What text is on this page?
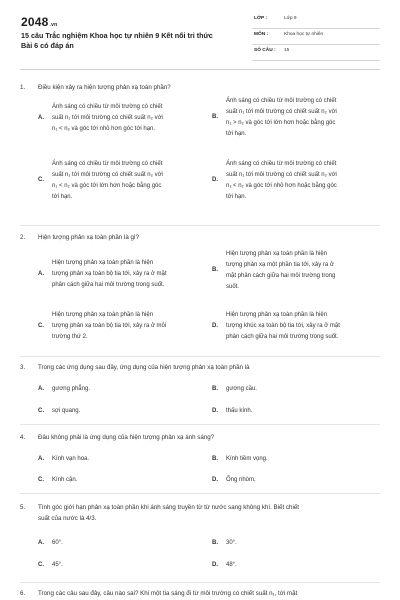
2048.vn
15 câu Trắc nghiệm Khoa học tự nhiên 9 Kết nối tri thức
Bài 6 có đáp án
LỚP :	Lớp 9
MÔN :	Khoa học tự nhiên
SỐ CÂU : 15
1. Điều kiện xảy ra hiện tượng phản xạ toàn phần?
A.
Ánh sáng có chiều từ môi trường có chiết
suất n₁ tới môi trường có chiết suất n₂ với
n₁ < n₂ và góc tới nhỏ hơn góc tới hạn.
B.
Ánh sáng có chiều từ môi trường có chiết
suất n₁ tới môi trường có chiết suất n₂ với
n₁ > n₂ và góc tới lớn hơn hoặc bằng góc
tới hạn.
C.
Ánh sáng có chiều từ môi trường có chiết
suất n₁ tới môi trường có chiết suất n₂ với
n₁ < n₂ và góc tới lớn hơn hoặc bằng góc
tới hạn.
D.
Ánh sáng có chiều từ môi trường có chiết
suất n₁ tới môi trường có chiết suất n₂ với
n₁ < n₂ và góc tới nhỏ hơn hoặc bằng góc
tới hạn.
2. Hiện tượng phản xạ toàn phần là gì?
A.
Hiện tượng phản xạ toàn phần là hiện
tượng phản xạ toàn bộ tia tới, xảy ra ở mặt
phân cách giữa hai môi trường trong suốt.
B.
Hiện tượng phản xạ toàn phần là hiện
tượng phản xạ một phần tia tới, xảy ra ở
mặt phân cách giữa hai môi trường trong
suốt.
C.
Hiện tượng phản xạ toàn phần là hiện
tượng phản xạ toàn bộ tia tới, xảy ra ở môi
trường thứ 2.
D.
Hiện tượng phản xạ toàn phần là hiện
tượng khúc xạ toàn bộ tia tới, xảy ra ở mặt
phân cách giữa hai môi trường trong suốt.
3. Trong các ứng dụng sau đây, ứng dụng của hiện tượng phản xạ toàn phần là
A. gương phẳng.	B. gương cầu.
C. sợi quang.	D. thấu kính.
4. Đâu không phải là ứng dụng của hiện tượng phản xạ ánh sáng?
A. Kính vạn hoa.	B. Kính tiềm vọng.
C. Kính cận.	D. Ống nhòm.
5. Tính góc giới hạn phản xạ toàn phần khi ánh sáng truyền từ từ nước sang không khí. Biết chiết
suất của nước là 4/3.
A. 60°.	B. 30°.
C. 45°.	D. 48°.
6. Trong các câu sau đây, câu nào sai? Khi một tia sáng đi từ môi trường có chiết suất n₁, tới mặt
